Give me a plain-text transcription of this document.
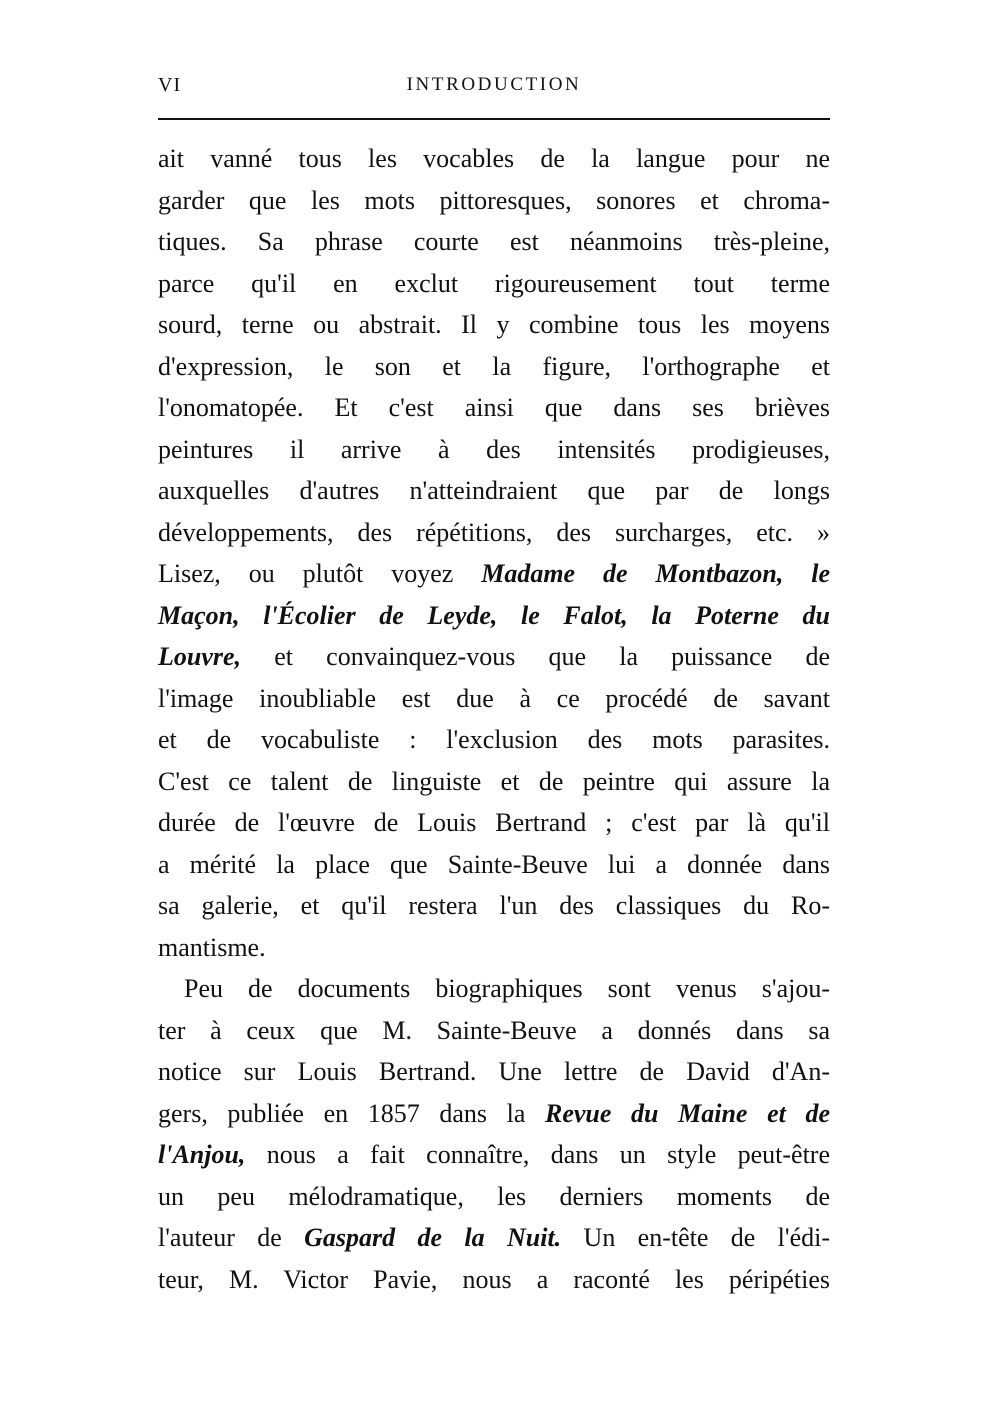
VI	INTRODUCTION
ait vanné tous les vocables de la langue pour ne
garder que les mots pittoresques, sonores et chroma-
tiques. Sa phrase courte est néanmoins très-pleine,
parce qu'il en exclut rigoureusement tout terme
sourd, terne ou abstrait. Il y combine tous les moyens
d'expression, le son et la figure, l'orthographe et
l'onomatopée. Et c'est ainsi que dans ses brièves
peintures il arrive à des intensités prodigieuses,
auxquelles d'autres n'atteindraient que par de longs
développements, des répétitions, des surcharges, etc. »
Lisez, ou plutôt voyez Madame de Montbazon, le
Maçon, l'Écolier de Leyde, le Falot, la Poterne du
Louvre, et convainquez-vous que la puissance de
l'image inoubliable est due à ce procédé de savant
et de vocabuliste : l'exclusion des mots parasites.
C'est ce talent de linguiste et de peintre qui assure la
durée de l'œuvre de Louis Bertrand ; c'est par là qu'il
a mérité la place que Sainte-Beuve lui a donnée dans
sa galerie, et qu'il restera l'un des classiques du Ro-
mantisme.
Peu de documents biographiques sont venus s'ajou-
ter à ceux que M. Sainte-Beuve a donnés dans sa
notice sur Louis Bertrand. Une lettre de David d'An-
gers, publiée en 1857 dans la Revue du Maine et de
l'Anjou, nous a fait connaître, dans un style peut-être
un peu mélodramatique, les derniers moments de
l'auteur de Gaspard de la Nuit. Un en-tête de l'édi-
teur, M. Victor Pavie, nous a raconté les péripéties
